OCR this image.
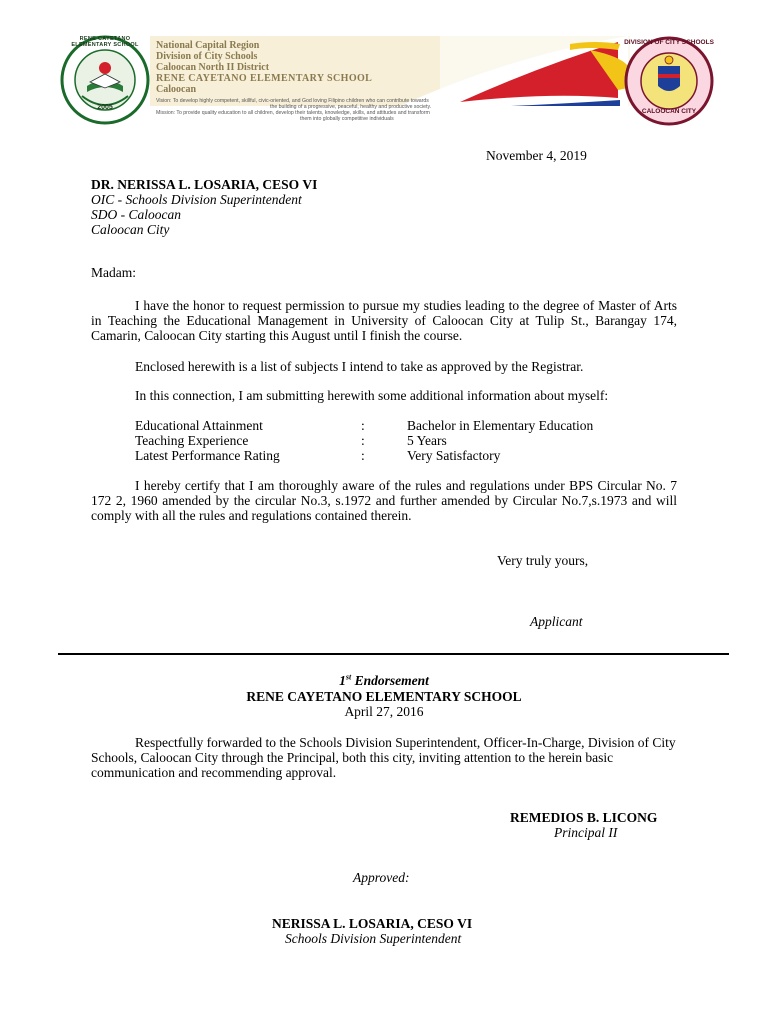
RENE CAYETANO ELEMENTARY SCHOOL
2005
National Capital Region
Division of City Schools
Caloocan North II District
RENE CAYETANO ELEMENTARY SCHOOL
Caloocan
Vision: To develop highly competent, skillful, civic-oriented, and God loving Filipino children who can contribute towards
the building of a progressive, peaceful, healthy and productive society.
Mission: To provide quality education to all children, develop their talents, knowledge, skills, and attitudes and transform
them into globally competitive individuals
DIVISION OF CITY SCHOOLS
CALOOCAN CITY
November 4, 2019
DR. NERISSA L. LOSARIA, CESO VI
OIC - Schools Division Superintendent
SDO - Caloocan
Caloocan City
Madam:
I have the honor to request permission to pursue my studies leading to the degree of Master of Arts in Teaching the Educational Management in University of Caloocan City at Tulip St., Barangay 174, Camarin, Caloocan City starting this August until I finish the course.
Enclosed herewith is a list of subjects I intend to take as approved by the Registrar.
In this connection, I am submitting herewith some additional information about myself:
Educational Attainment	:	Bachelor in Elementary Education
Teaching Experience	:	5 Years
Latest Performance Rating	:	Very Satisfactory
I hereby certify that I am thoroughly aware of the rules and regulations under BPS Circular No. 7 172 2, 1960 amended by the circular No.3, s.1972 and further amended by Circular No.7,s.1973 and will comply with all the rules and regulations contained therein.
Very truly yours,
Applicant
1st Endorsement
RENE CAYETANO ELEMENTARY SCHOOL
April 27, 2016
Respectfully forwarded to the Schools Division Superintendent, Officer-In-Charge, Division of City Schools, Caloocan City through the Principal, both this city, inviting attention to the herein basic communication and recommending approval.
REMEDIOS B. LICONG
Principal II
Approved:
NERISSA L. LOSARIA, CESO VI
Schools Division Superintendent
